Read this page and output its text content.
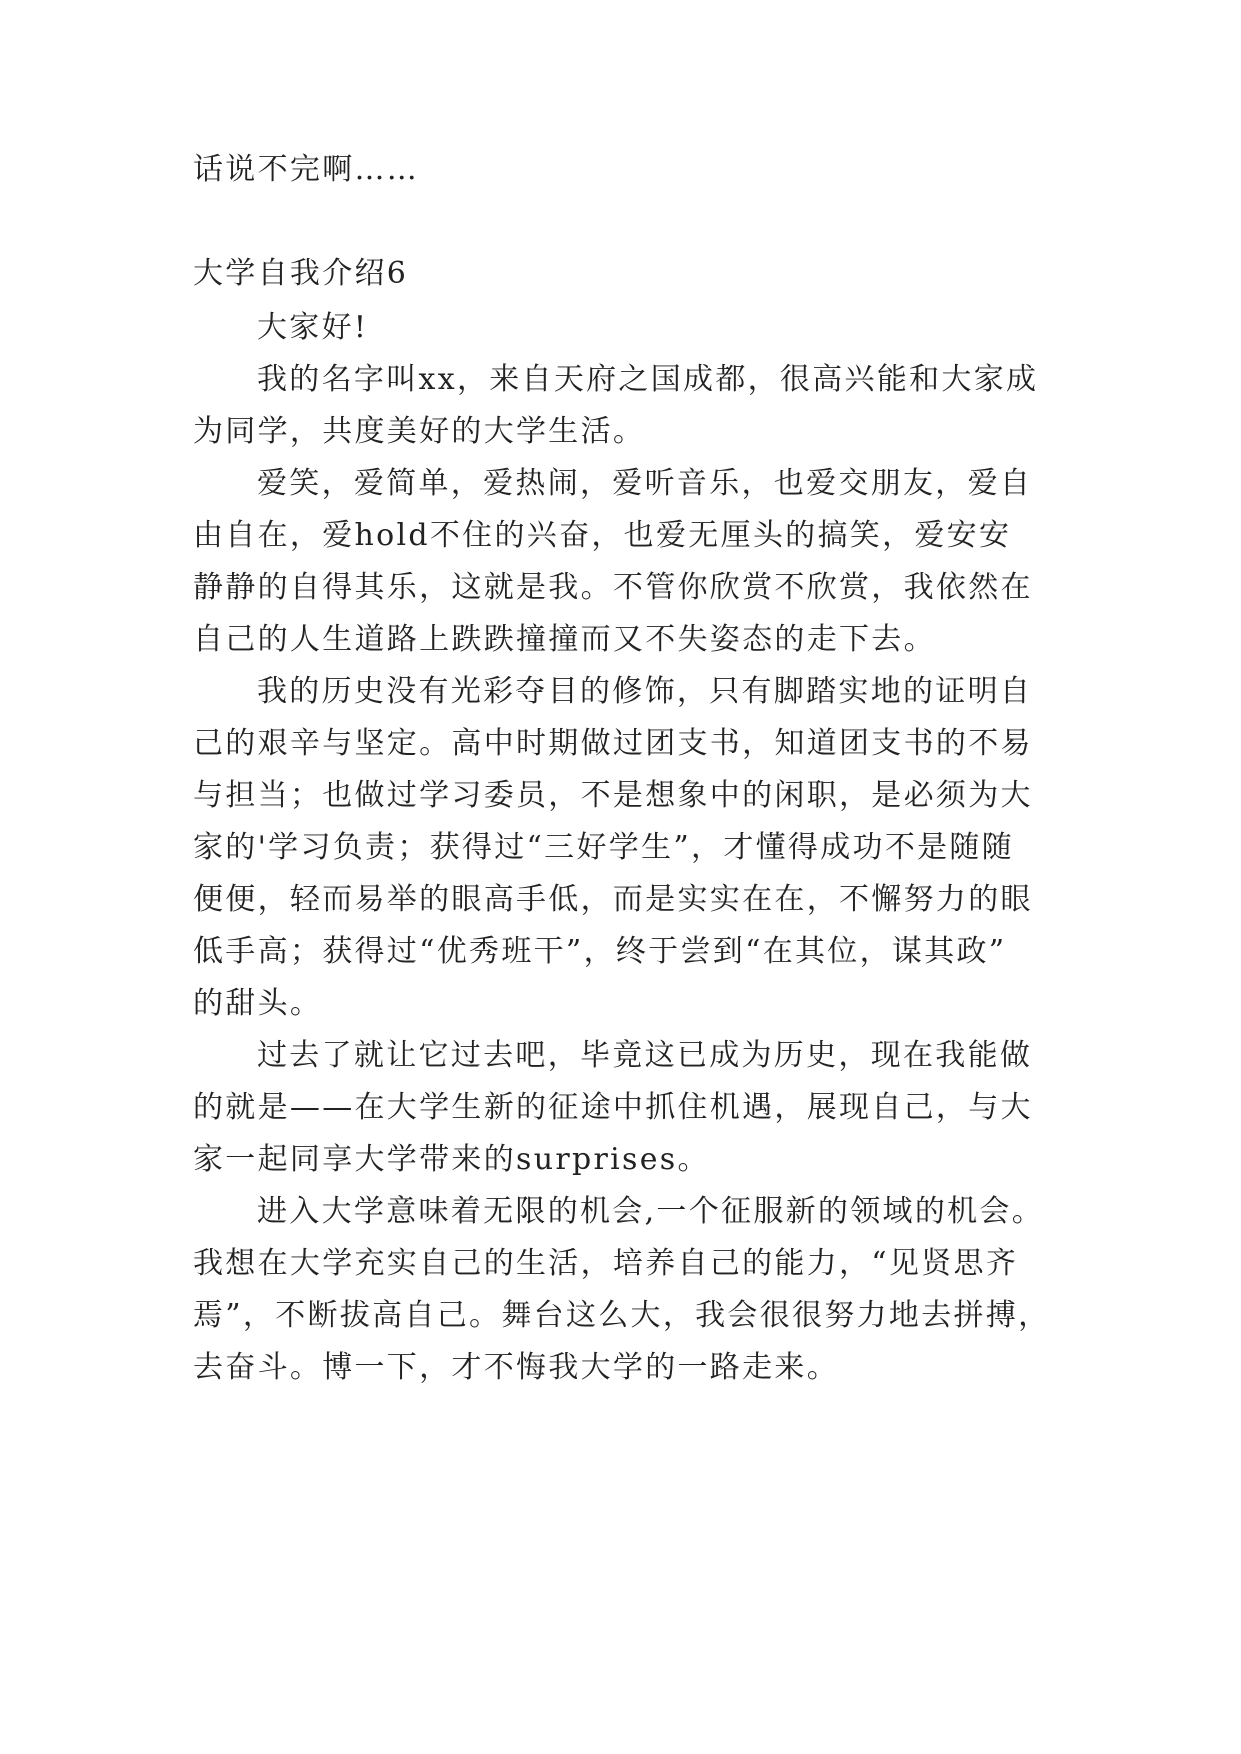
话说不完啊……
大学自我介绍6
大家好!
我的名字叫xx，来自天府之国成都，很高兴能和大家成
为同学，共度美好的大学生活。
爱笑，爱简单，爱热闹，爱听音乐，也爱交朋友，爱自
由自在，爱hold不住的兴奋，也爱无厘头的搞笑，爱安安
静静的自得其乐，这就是我。不管你欣赏不欣赏，我依然在
自己的人生道路上跌跌撞撞而又不失姿态的走下去。
我的历史没有光彩夺目的修饰，只有脚踏实地的证明自
己的艰辛与坚定。高中时期做过团支书，知道团支书的不易
与担当；也做过学习委员，不是想象中的闲职，是必须为大
家的'学习负责；获得过“三好学生”，才懂得成功不是随随
便便，轻而易举的眼高手低，而是实实在在，不懈努力的眼
低手高；获得过“优秀班干”，终于尝到“在其位，谋其政”
的甜头。
过去了就让它过去吧，毕竟这已成为历史，现在我能做
的就是——在大学生新的征途中抓住机遇，展现自己，与大
家一起同享大学带来的surprises。
进入大学意味着无限的机会,一个征服新的领域的机会。
我想在大学充实自己的生活，培养自己的能力，“见贤思齐
焉”，不断拔高自己。舞台这么大，我会很很努力地去拼搏，
去奋斗。博一下，才不悔我大学的一路走来。
